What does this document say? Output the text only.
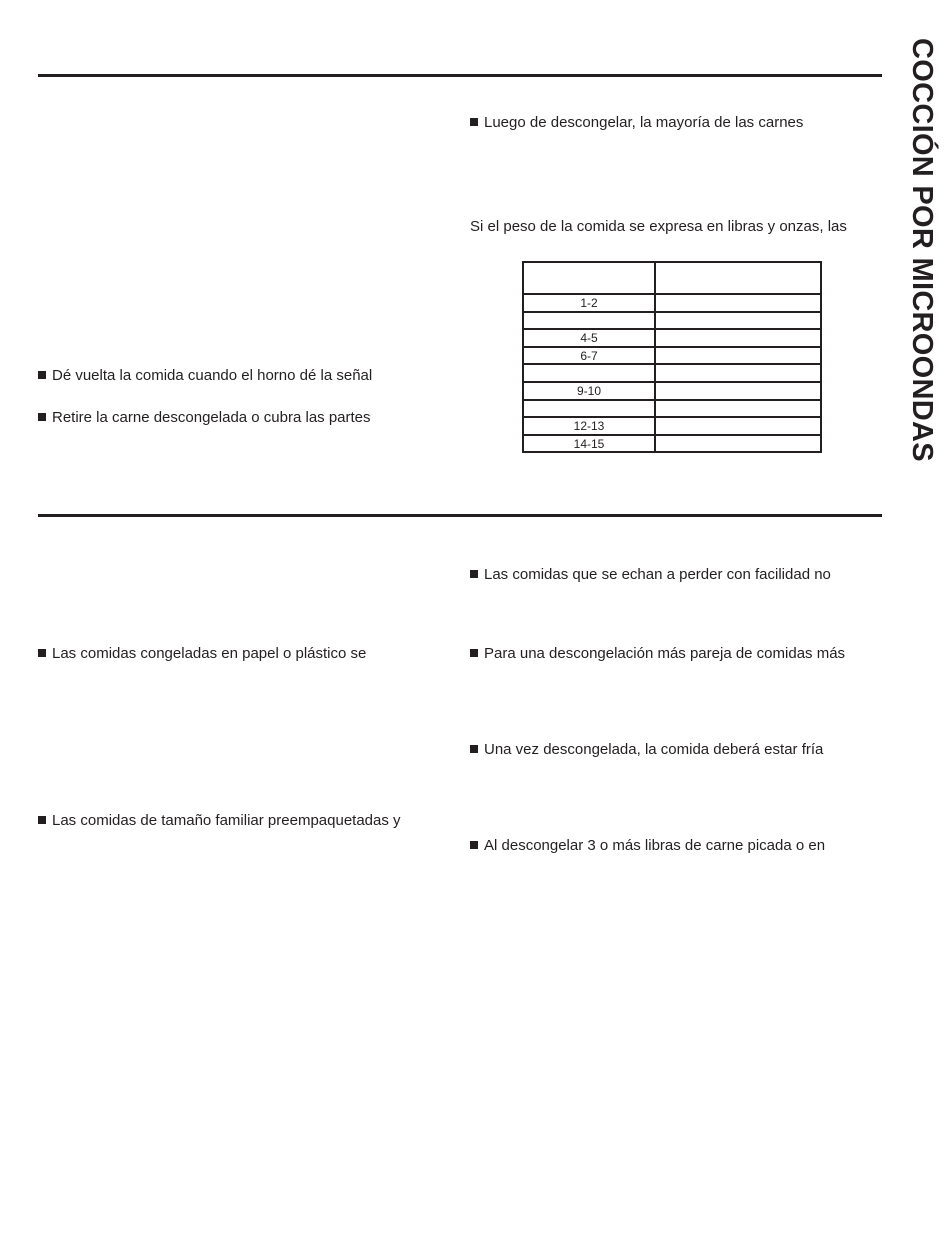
COCCIÓN POR MICROONDAS
Luego de descongelar, la mayoría de las carnes
Si el peso de la comida se expresa en libras y onzas, las

1-2	

4-5	
6-7	

9-10	

12-13	
14-15	
Dé vuelta la comida cuando el horno dé la señal
Retire la carne descongelada o cubra las partes
Las comidas congeladas en papel o plástico se
Las comidas de tamaño familiar preempaquetadas y
Las comidas que se echan a perder con facilidad no
Para una descongelación más pareja de comidas más
Una vez descongelada, la comida deberá estar fría
Al descongelar 3 o más libras de carne picada o en
